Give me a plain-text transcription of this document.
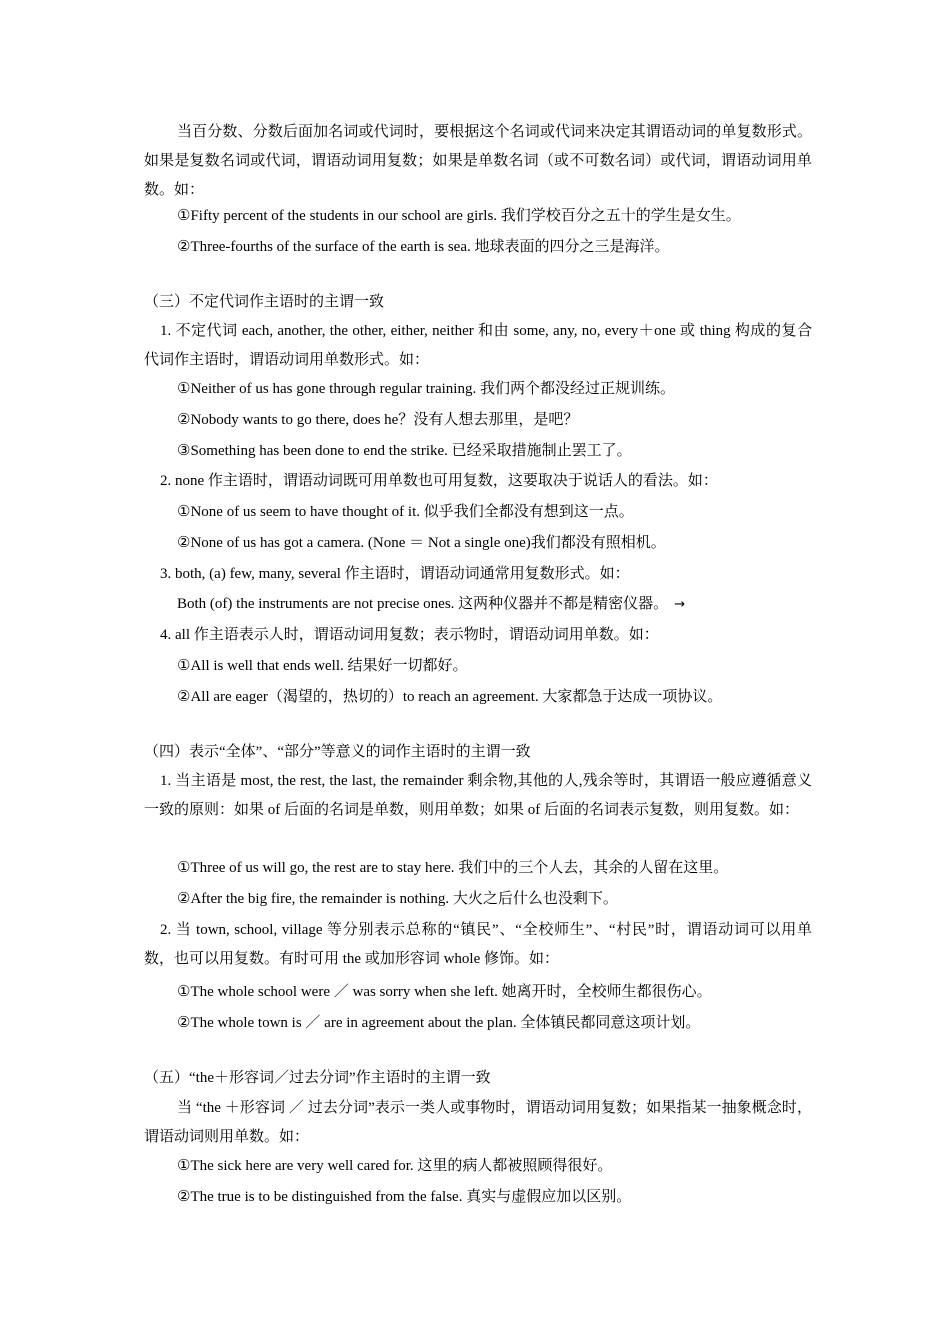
当百分数、分数后面加名词或代词时，要根据这个名词或代词来决定其谓语动词的单复数形式。如果是复数名词或代词，谓语动词用复数；如果是单数名词（或不可数名词）或代词，谓语动词用单数。如：

①Fifty percent of the students in our school are girls. 我们学校百分之五十的学生是女生。

②Three-fourths of the surface of the earth is sea. 地球表面的四分之三是海洋。

（三）不定代词作主语时的主谓一致

1. 不定代词 each, another, the other, either, neither 和由 some, any, no, every＋one 或 thing 构成的复合代词作主语时，谓语动词用单数形式。如：

①Neither of us has gone through regular training. 我们两个都没经过正规训练。

②Nobody wants to go there, does he？没有人想去那里，是吧？

③Something has been done to end the strike. 已经采取措施制止罢工了。

2. none 作主语时，谓语动词既可用单数也可用复数，这要取决于说话人的看法。如：

①None of us seem to have thought of it. 似乎我们全都没有想到这一点。

②None of us has got a camera. (None ＝ Not a single one)我们都没有照相机。

3. both, (a) few, many, several 作主语时，谓语动词通常用复数形式。如：

Both (of) the instruments are not precise ones. 这两种仪器并不都是精密仪器。 →

4. all 作主语表示人时，谓语动词用复数；表示物时，谓语动词用单数。如：

①All is well that ends well. 结果好一切都好。

②All are eager（渴望的，热切的）to reach an agreement. 大家都急于达成一项协议。

（四）表示“全体”、“部分”等意义的词作主语时的主谓一致

1. 当主语是 most, the rest, the last, the remainder 剩余物,其他的人,残余等时，其谓语一般应遵循意义一致的原则：如果 of 后面的名词是单数，则用单数；如果 of 后面的名词表示复数，则用复数。如：

①Three of us will go, the rest are to stay here. 我们中的三个人去，其余的人留在这里。

②After the big fire, the remainder is nothing. 大火之后什么也没剩下。

2. 当 town, school, village 等分别表示总称的“镇民”、“全校师生”、“村民”时，谓语动词可以用单数，也可以用复数。有时可用 the 或加形容词 whole 修饰。如：

①The whole school were ／ was sorry when she left. 她离开时，全校师生都很伤心。

②The whole town is ／ are in agreement about the plan. 全体镇民都同意这项计划。

（五）“the＋形容词／过去分词”作主语时的主谓一致

当 “the ＋形容词 ／ 过去分词”表示一类人或事物时，谓语动词用复数；如果指某一抽象概念时，谓语动词则用单数。如：

①The sick here are very well cared for. 这里的病人都被照顾得很好。

②The true is to be distinguished from the false. 真实与虚假应加以区别。
